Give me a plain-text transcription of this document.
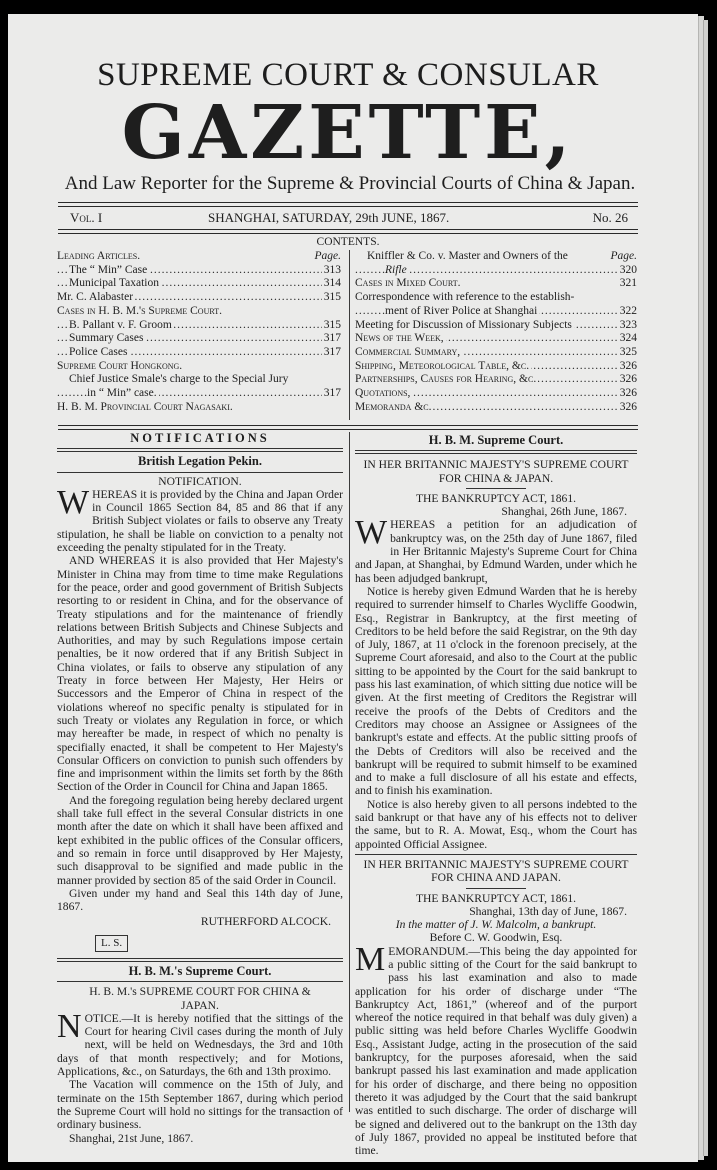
SUPREME COURT & CONSULAR
GAZETTE,
And Law Reporter for the Supreme & Provincial Courts of China & Japan.
Vol. I	SHANGHAI, SATURDAY, 29th JUNE, 1867.	No. 26
CONTENTS.
Leading Articles.	Page.
The “ Min” Case	313
.....
Municipal Taxation	314
.....
Mr. C. Alabaster	315
.....
Cases in H. B. M.'s Supreme Court.
B. Pallant v. F. Groom	315
.....
Summary Cases	317
.....
Police Cases	317
.....
Supreme Court Hongkong.
Chief Justice Smale's charge to the Special Jury
in “ Min” case.	317
.....
H. B. M. Provincial Court Nagasaki.
Kniffler & Co. v. Master and Owners of the	Page.
Rifle	320
.....
Cases in Mixed Court.	321
Correspondence with reference to the establish-
ment of River Police at Shanghai	322
.....
Meeting for Discussion of Missionary Subjects	323
.....
News of the Week,	324
.....
Commercial Summary,	325
.....
Shipping, Meteorological Table, &c.	326
.....
Partnerships, Causes for Hearing, &c.	326
.....
Quotations,	326
.....
Memoranda &c.	326
.....
NOTIFICATIONS
British Legation Pekin.
NOTIFICATION.

WHEREAS it is provided by the China and Japan Order in Council 1865 Section 84, 85 and 86 that if any British Subject violates or fails to observe any Treaty stipulation, he shall be liable on conviction to a penalty not exceeding the penalty stipulated for in the Treaty.

AND WHEREAS it is also provided that Her Majesty's Minister in China may from time to time make Regulations for the peace, order and good government of British Subjects resorting to or resident in China, and for the observance of Treaty stipulations and for the maintenance of friendly relations between British Subjects and Chinese Subjects and Authorities, and may by such Regulations impose certain penalties, be it now ordered that if any British Subject in China violates, or fails to observe any stipulation of any Treaty in force between Her Majesty, Her Heirs or Successors and the Emperor of China in respect of the violations whereof no specific penalty is stipulated for in such Treaty or violates any Regulation in force, or which may hereafter be made, in respect of which no penalty is specifially enacted, it shall be competent to Her Majesty's Consular Officers on conviction to punish such offenders by fine and imprisonment within the limits set forth by the 86th Section of the Order in Council for China and Japan 1865.

And the foregoing regulation being hereby declared urgent shall take full effect in the several Consular districts in one month after the date on which it shall have been affixed and kept exhibited in the public offices of the Consular officers, and so remain in force until disapproved by Her Majesty, such disapproval to be signified and made public in the manner provided by section 85 of the said Order in Council.

Given under my hand and Seal this 14th day of June, 1867.

RUTHERFORD ALCOCK.
L. S.
H. B. M.'s Supreme Court.
H. B. M.'s SUPREME COURT FOR CHINA & JAPAN.

NOTICE.—It is hereby notified that the sittings of the Court for hearing Civil cases during the month of July next, will be held on Wednesdays, the 3rd and 10th days of that month respectively; and for Motions, Applications, &c., on Saturdays, the 6th and 13th proximo.

The Vacation will commence on the 15th of July, and terminate on the 15th September 1867, during which period the Supreme Court will hold no sittings for the transaction of ordinary business.

Shanghai, 21st June, 1867.

H. B. M. Supreme Court.
IN HER BRITANNIC MAJESTY'S SUPREME COURT FOR CHINA & JAPAN.
THE BANKRUPTCY ACT, 1861.
Shanghai, 26th June, 1867.

WHEREAS a petition for an adjudication of bankruptcy was, on the 25th day of June 1867, filed in Her Britannic Majesty's Supreme Court for China and Japan, at Shanghai, by Edmund Warden, under which he has been adjudged bankrupt,

Notice is hereby given Edmund Warden that he is hereby required to surrender himself to Charles Wycliffe Goodwin, Esq., Registrar in Bankruptcy, at the first meeting of Creditors to be held before the said Registrar, on the 9th day of July, 1867, at 11 o'clock in the forenoon precisely, at the Supreme Court aforesaid, and also to the Court at the public sitting to be appointed by the Court for the said bankrupt to pass his last examination, of which sitting due notice will be given. At the first meeting of Creditors the Registrar will receive the proofs of the Debts of Creditors and the Creditors may choose an Assignee or Assignees of the bankrupt's estate and effects. At the public sitting proofs of the Debts of Creditors will also be received and the bankrupt will be required to submit himself to be examined and to make a full disclosure of all his estate and effects, and to finish his examination.

Notice is also hereby given to all persons indebted to the said bankrupt or that have any of his effects not to deliver the same, but to R. A. Mowat, Esq., whom the Court has appointed Official Assignee.

IN HER BRITANNIC MAJESTY'S SUPREME COURT FOR CHINA AND JAPAN.
THE BANKRUPTCY ACT, 1861.
Shanghai, 13th day of June, 1867.
In the matter of J. W. Malcolm, a bankrupt.
Before C. W. Goodwin, Esq.

MEMORANDUM.—This being the day appointed for a public sitting of the Court for the said bankrupt to pass his last examination and also to made application for his order of discharge under “The Bankruptcy Act, 1861,” (whereof and of the purport whereof the notice required in that behalf was duly given) a public sitting was held before Charles Wycliffe Goodwin Esq., Assistant Judge, acting in the prosecution of the said bankruptcy, for the purposes aforesaid, when the said bankrupt passed his last examination and made application for his order of discharge, and there being no opposition thereto it was adjudged by the Court that the said bankrupt was entitled to such discharge. The order of discharge will be signed and delivered out to the bankrupt on the 13th day of July 1867, provided no appeal be instituted before that time.
